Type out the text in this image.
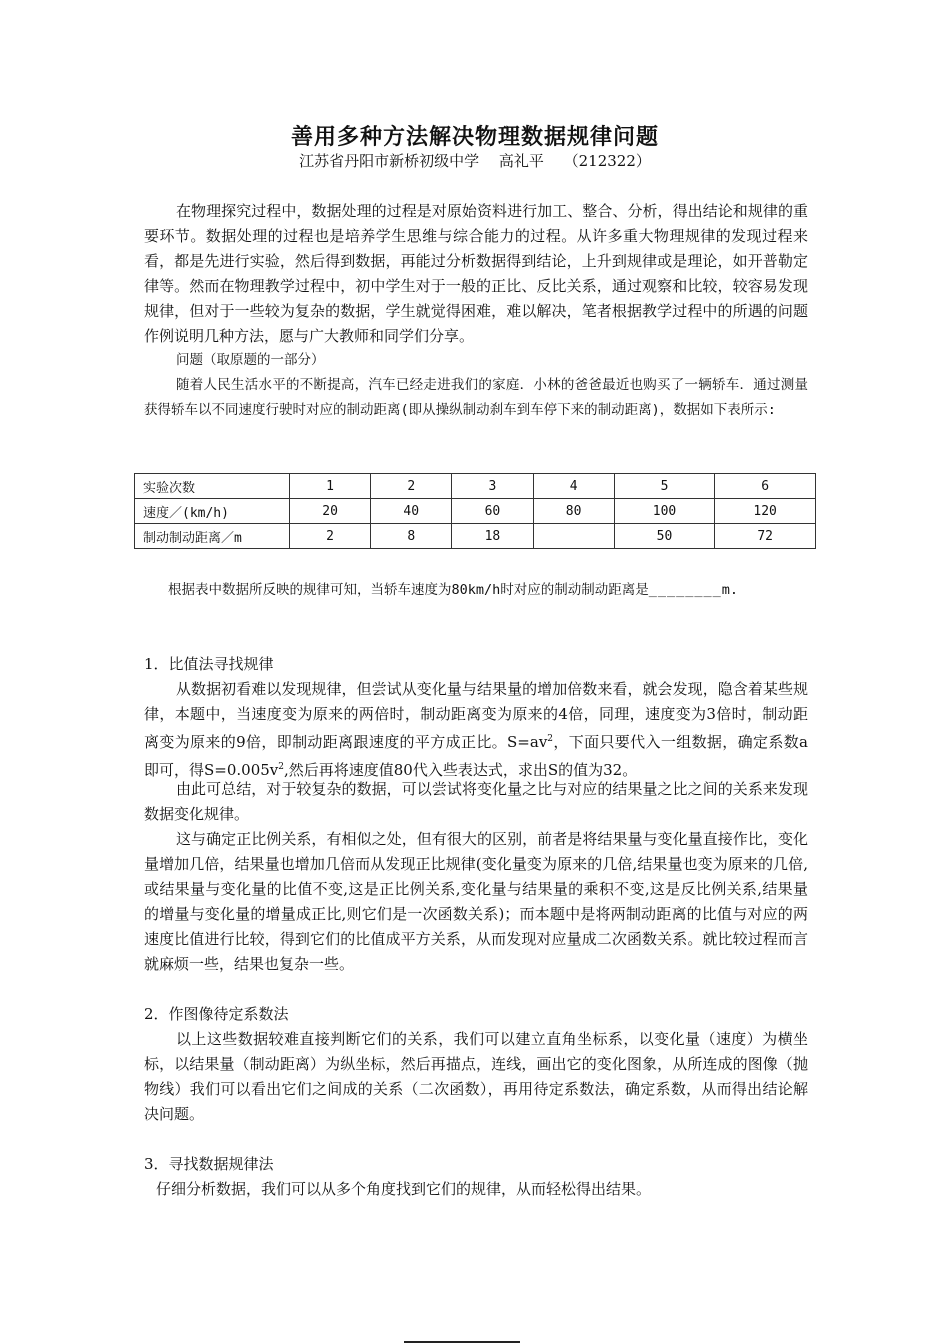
善用多种方法解决物理数据规律问题
江苏省丹阳市新桥初级中学　 高礼平　 （212322）
在物理探究过程中，数据处理的过程是对原始资料进行加工、整合、分析，得出结论和规律的重要环节。数据处理的过程也是培养学生思维与综合能力的过程。从许多重大物理规律的发现过程来看，都是先进行实验，然后得到数据，再能过分析数据得到结论，上升到规律或是理论，如开普勒定律等。然而在物理教学过程中，初中学生对于一般的正比、反比关系，通过观察和比较，较容易发现规律，但对于一些较为复杂的数据，学生就觉得困难，难以解决，笔者根据教学过程中的所遇的问题作例说明几种方法，愿与广大教师和同学们分享。
问题（取原题的一部分）
随着人民生活水平的不断提高，汽车已经走进我们的家庭．小林的爸爸最近也购买了一辆轿车．通过测量获得轿车以不同速度行驶时对应的制动距离(即从操纵制动刹车到车停下来的制动距离)，数据如下表所示:
实验次数	1	2	3	4	5	6
速度／(km/h)	20	40	60	80	100	120
制动制动距离／m	2	8	18		50	72
根据表中数据所反映的规律可知，当轿车速度为80km/h时对应的制动制动距离是________m.
1．比值法寻找规律
从数据初看难以发现规律，但尝试从变化量与结果量的增加倍数来看，就会发现，隐含着某些规律，本题中，当速度变为原来的两倍时，制动距离变为原来的4倍，同理，速度变为3倍时，制动距离变为原来的9倍，即制动距离跟速度的平方成正比。$S=av^2$，下面只要代入一组数据，确定系数a即可，得$S=0.005v^2$,然后再将速度值80代入些表达式，求出S的值为32。
由此可总结，对于较复杂的数据，可以尝试将变化量之比与对应的结果量之比之间的关系来发现数据变化规律。
这与确定正比例关系，有相似之处，但有很大的区别，前者是将结果量与变化量直接作比，变化量增加几倍，结果量也增加几倍而从发现正比规律(变化量变为原来的几倍,结果量也变为原来的几倍,或结果量与变化量的比值不变,这是正比例关系,变化量与结果量的乘积不变,这是反比例关系,结果量的增量与变化量的增量成正比,则它们是一次函数关系)；而本题中是将两制动距离的比值与对应的两速度比值进行比较，得到它们的比值成平方关系，从而发现对应量成二次函数关系。就比较过程而言就麻烦一些，结果也复杂一些。
2．作图像待定系数法
以上这些数据较难直接判断它们的关系，我们可以建立直角坐标系，以变化量（速度）为横坐标，以结果量（制动距离）为纵坐标，然后再描点，连线，画出它的变化图象，从所连成的图像（抛物线）我们可以看出它们之间成的关系（二次函数），再用待定系数法，确定系数，从而得出结论解决问题。
3．寻找数据规律法
仔细分析数据，我们可以从多个角度找到它们的规律，从而轻松得出结果。
